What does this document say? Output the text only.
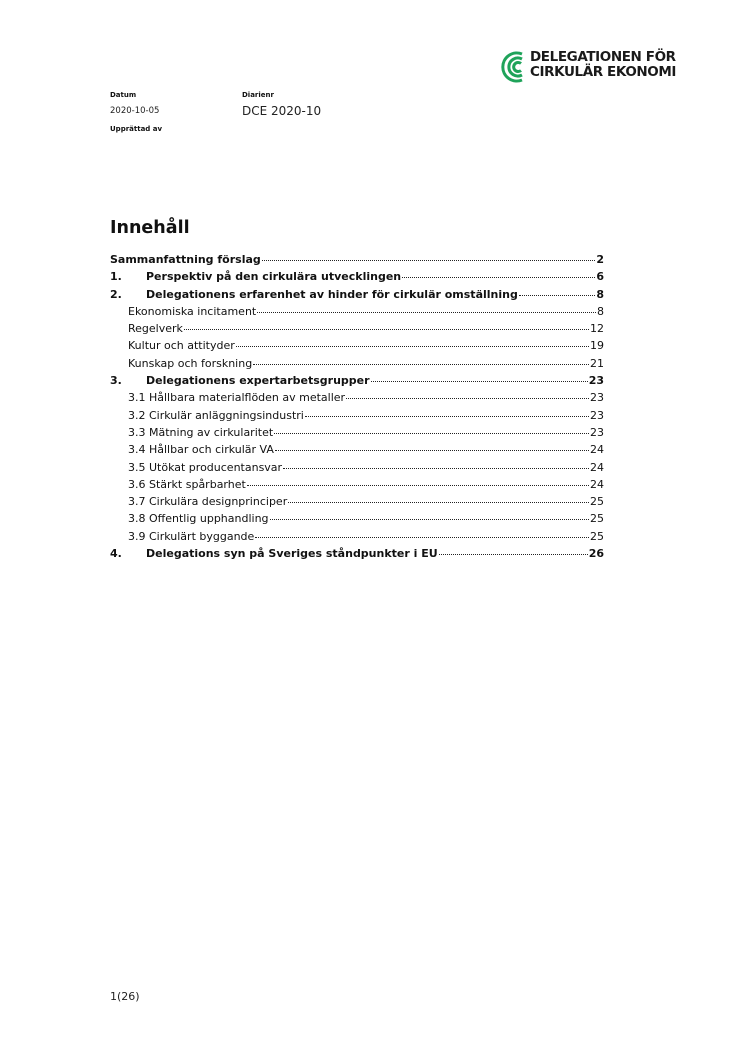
DELEGATIONEN FÖR
CIRKULÄR EKONOMI
Datum
2020-10-05
Diarienr
DCE 2020-10
Upprättad av
Innehåll
Sammanfattning förslag	2
1.	Perspektiv på den cirkulära utvecklingen	6
2.	Delegationens erfarenhet av hinder för cirkulär omställning	8
Ekonomiska incitament	8
Regelverk	12
Kultur och attityder	19
Kunskap och forskning	21
3.	Delegationens expertarbetsgrupper	23
3.1 Hållbara materialflöden av metaller	23
3.2 Cirkulär anläggningsindustri	23
3.3 Mätning av cirkularitet	23
3.4 Hållbar och cirkulär VA	24
3.5 Utökat producentansvar	24
3.6 Stärkt spårbarhet	24
3.7 Cirkulära designprinciper	25
3.8 Offentlig upphandling	25
3.9 Cirkulärt byggande	25
4.	Delegations syn på Sveriges ståndpunkter i EU	26
1(26)
